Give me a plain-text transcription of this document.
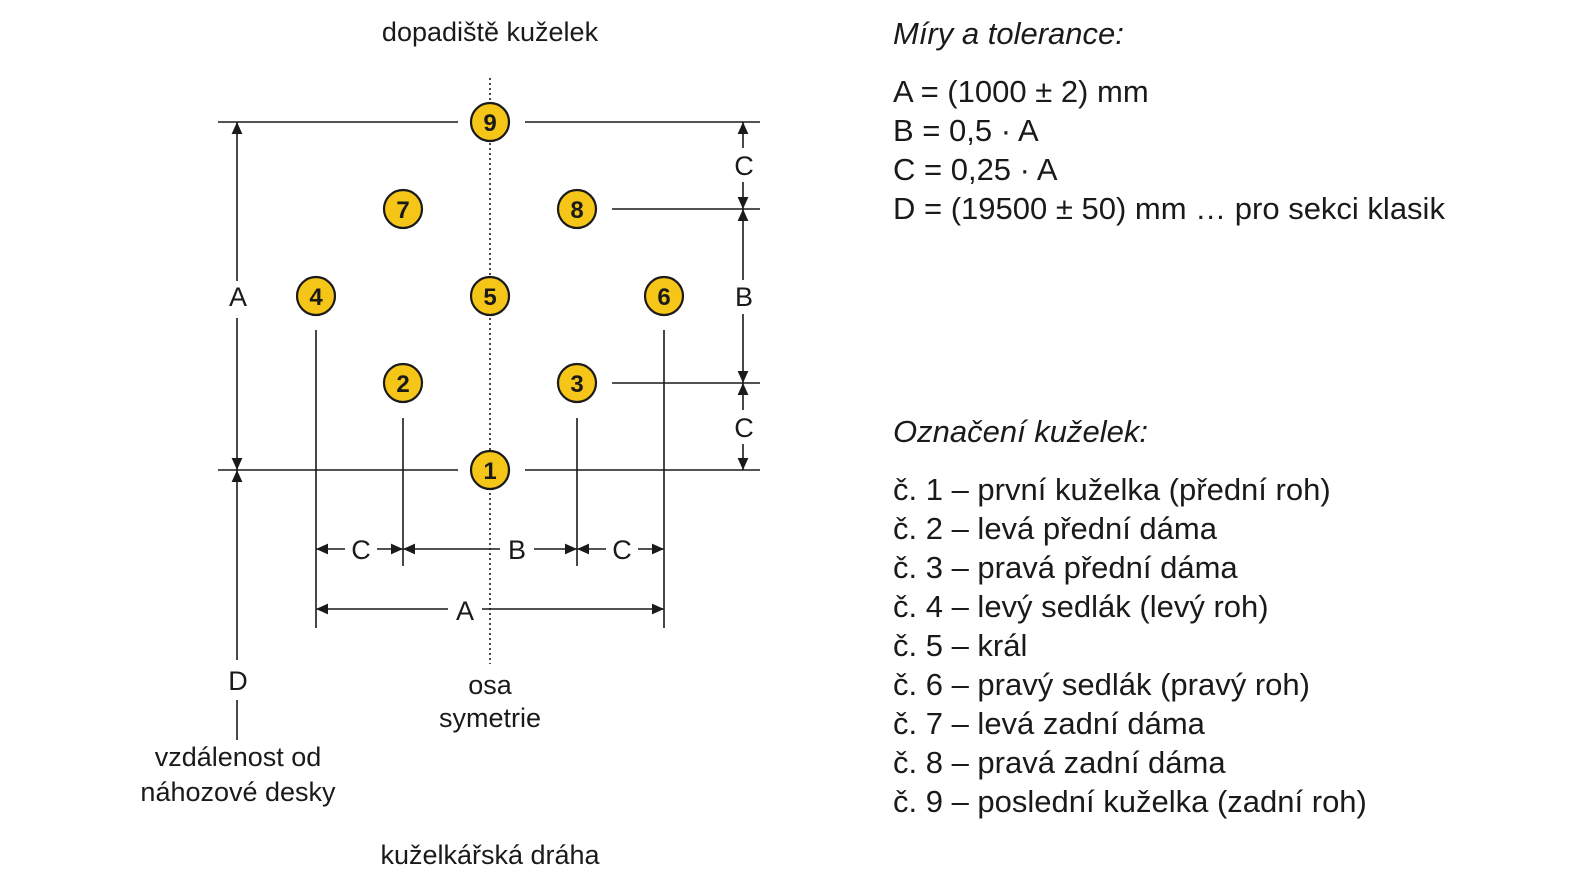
A
C
B
C
C	B	C
A
D
9
7	8
4	5	6
2	3
1
dopadiště kuželek
osa
symetrie
vzdálenost od
náhozové desky
kuželkářská dráha

Míry a tolerance:

A = (1000 ± 2) mm
B = 0,5 · A
C = 0,25 · A
D = (19500 ± 50) mm … pro sekci klasik

Označení kuželek:

č. 1 – první kuželka (přední roh)
č. 2 – levá přední dáma
č. 3 – pravá přední dáma
č. 4 – levý sedlák (levý roh)
č. 5 – král
č. 6 – pravý sedlák (pravý roh)
č. 7 – levá zadní dáma
č. 8 – pravá zadní dáma
č. 9 – poslední kuželka (zadní roh)
